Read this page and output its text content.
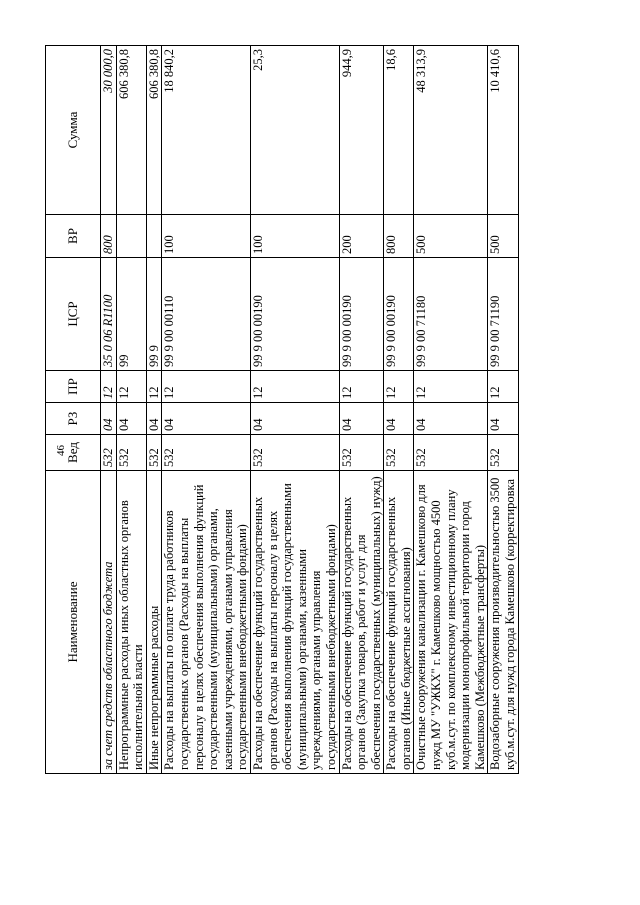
46
Наименование	Вед	РЗ	ПР	ЦСР	ВР	Сумма
за счет средств областного бюджета	532	04	12	35 0 06 R1100	800	30 000,0
Непрограммные расходы иных областных органов исполнительной власти	532	04	12	99		606 380,8
Иные непрограммные расходы	532	04	12	99 9		606 380,8
Расходы на выплаты по оплате труда работников государственных органов (Расходы на выплаты персоналу в целях обеспечения выполнения функций государственными (муниципальными) органами, казенными учреждениями, органами управления государственными внебюджетными фондами)	532	04	12	99 9 00 00110	100	18 840,2
Расходы на обеспечение функций государственных органов (Расходы на выплаты персоналу в целях обеспечения выполнения функций государственными (муниципальными) органами, казенными учреждениями, органами управления государственными внебюджетными фондами)	532	04	12	99 9 00 00190	100	25,3
Расходы на обеспечение функций государственных органов (Закупка товаров, работ и услуг для обеспечения государственных (муниципальных) нужд)	532	04	12	99 9 00 00190	200	944,9
Расходы на обеспечение функций государственных органов (Иные бюджетные ассигнования)	532	04	12	99 9 00 00190	800	18,6
Очистные сооружения канализации г. Камешково для нужд МУ "УЖКХ" г. Камешково мощностью 4500 куб.м.сут. по комплексному инвестиционному плану модернизации монопрофильной территории город Камешково (Межбюджетные трансферты)	532	04	12	99 9 00 71180	500	48 313,9
Водозаборные сооружения производительностью 3500 куб.м.сут. для нужд города Камешково (корректировка	532	04	12	99 9 00 71190	500	10 410,6
